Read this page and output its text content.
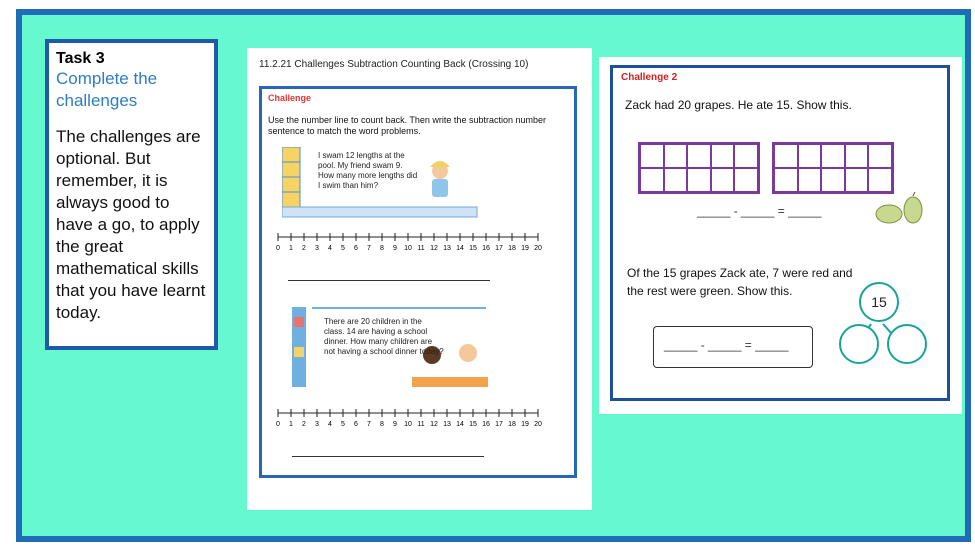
Task 3
Complete the challenges
The challenges are optional. But remember, it is always good to have a go, to apply the great mathematical skills that you have learnt today.
11.2.21 Challenges Subtraction Counting Back (Crossing 10)
Challenge
Use the number line to count back. Then write the subtraction number sentence to match the word problems.
I swam 12 lengths at the pool. My friend swam 9. How many more lengths did I swim than him?
0 1 2 3 4 5 6 7 8 9 10 11 12 13 14 15 16 17 18 19 20
There are 20 children in the class. 14 are having a school dinner. How many children are not having a school dinner today?
0 1 2 3 4 5 6 7 8 9 10 11 12 13 14 15 16 17 18 19 20
Challenge 2
Zack had 20 grapes. He ate 15. Show this.
_____ - _____ = _____
Of the 15 grapes Zack ate, 7 were red and the rest were green. Show this.
_____ - _____ = _____
15
